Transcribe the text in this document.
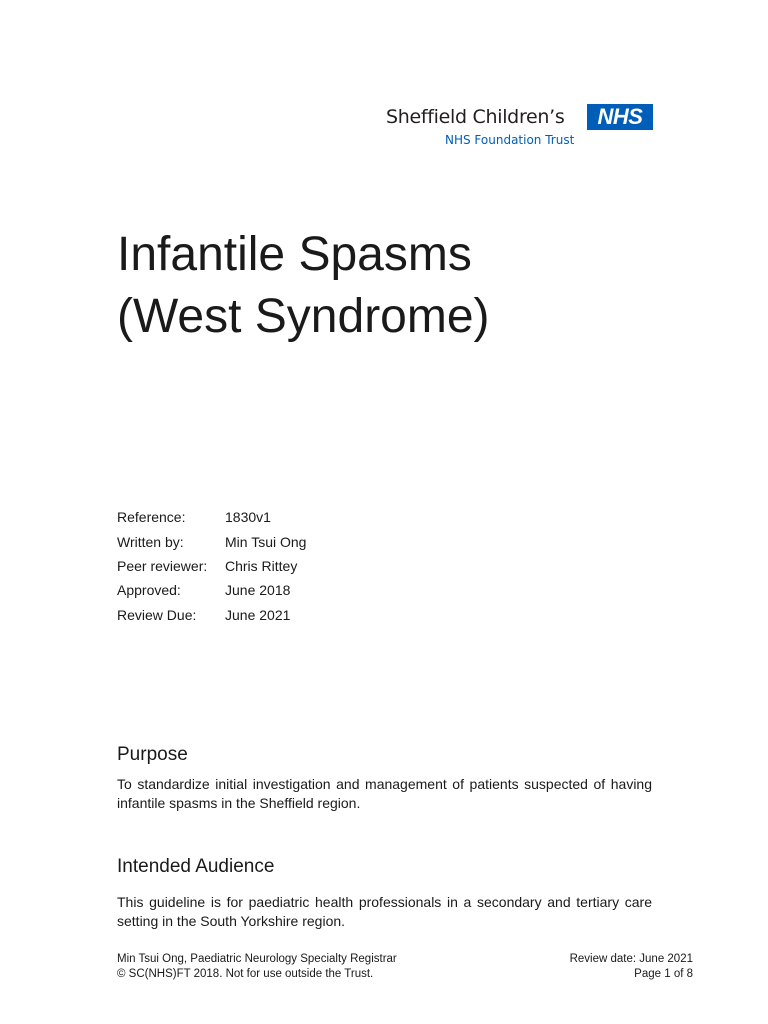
Sheffield Children’s	NHS
NHS Foundation Trust
Infantile Spasms
(West Syndrome)
Reference:	1830v1
Written by:	Min Tsui Ong
Peer reviewer:	Chris Rittey
Approved:	June 2018
Review Due:	June 2021
Purpose

To standardize initial investigation and management of patients suspected of having infantile spasms in the Sheffield region.

Intended Audience

This guideline is for paediatric health professionals in a secondary and tertiary care setting in the South Yorkshire region.

Min Tsui Ong, Paediatric Neurology Specialty Registrar
© SC(NHS)FT 2018. Not for use outside the Trust.
Review date: June 2021
Page 1 of 8
